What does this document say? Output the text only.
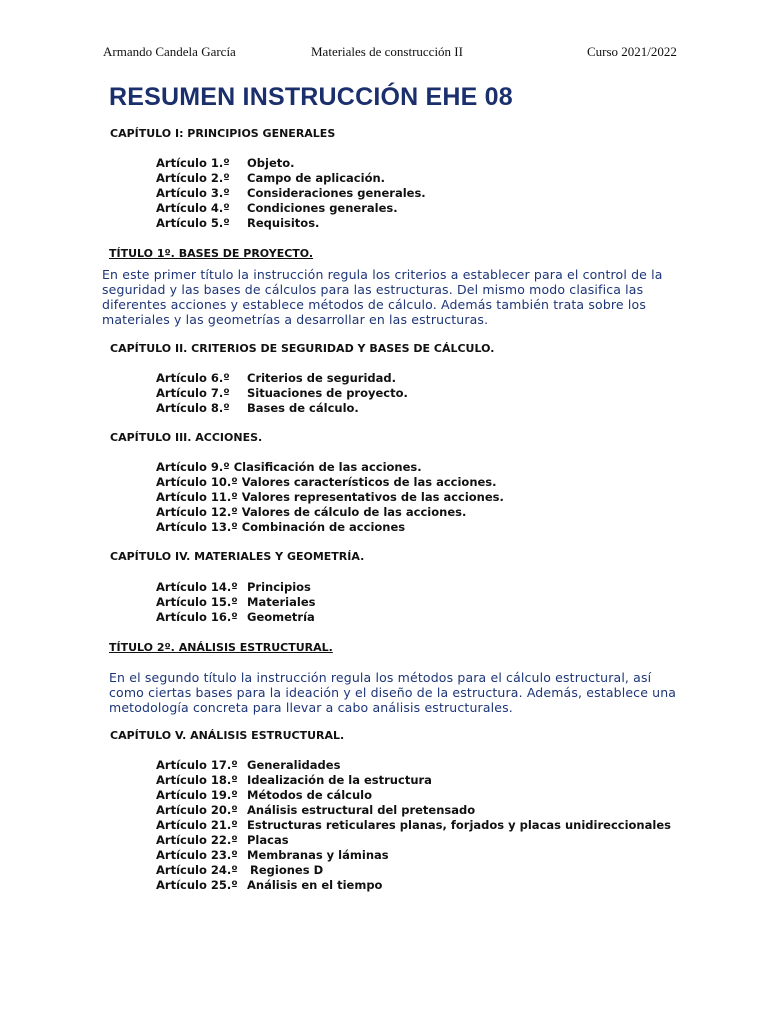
Armando Candela García	Materiales de construcción II	Curso 2021/2022
RESUMEN INSTRUCCIÓN EHE 08
CAPÍTULO I: PRINCIPIOS GENERALES
Artículo 1.º Objeto.
Artículo 2.º Campo de aplicación.
Artículo 3.º Consideraciones generales.
Artículo 4.º Condiciones generales.
Artículo 5.º Requisitos.
TÍTULO 1º. BASES DE PROYECTO.

En este primer título la instrucción regula los criterios a establecer para el control de la
seguridad y las bases de cálculos para las estructuras. Del mismo modo clasifica las
diferentes acciones y establece métodos de cálculo. Además también trata sobre los
materiales y las geometrías a desarrollar en las estructuras.

CAPÍTULO II. CRITERIOS DE SEGURIDAD Y BASES DE CÁLCULO.
Artículo 6.º Criterios de seguridad.
Artículo 7.º Situaciones de proyecto.
Artículo 8.º Bases de cálculo.
CAPÍTULO III. ACCIONES.
Artículo 9.º Clasificación de las acciones.
Artículo 10.º Valores característicos de las acciones.
Artículo 11.º Valores representativos de las acciones.
Artículo 12.º Valores de cálculo de las acciones.
Artículo 13.º Combinación de acciones
CAPÍTULO IV. MATERIALES Y GEOMETRÍA.
Artículo 14.º Principios
Artículo 15.º Materiales
Artículo 16.º Geometría
TÍTULO 2º. ANÁLISIS ESTRUCTURAL.

En el segundo título la instrucción regula los métodos para el cálculo estructural, así
como ciertas bases para la ideación y el diseño de la estructura. Además, establece una
metodología concreta para llevar a cabo análisis estructurales.

CAPÍTULO V. ANÁLISIS ESTRUCTURAL.
Artículo 17.º Generalidades
Artículo 18.º Idealización de la estructura
Artículo 19.º Métodos de cálculo
Artículo 20.º Análisis estructural del pretensado
Artículo 21.º Estructuras reticulares planas, forjados y placas unidireccionales
Artículo 22.º Placas
Artículo 23.º Membranas y láminas
Artículo 24.º Regiones D
Artículo 25.º Análisis en el tiempo
